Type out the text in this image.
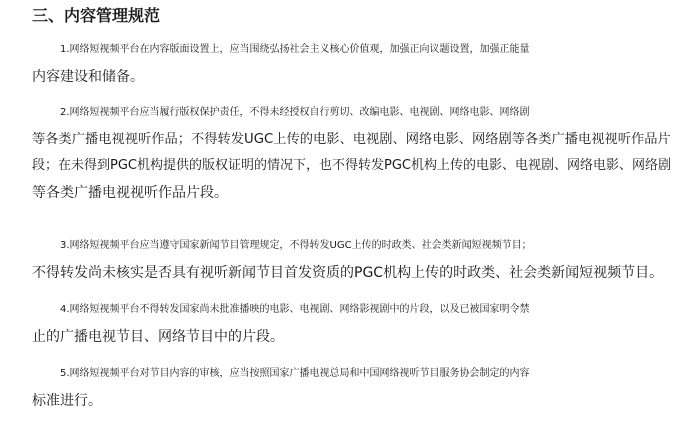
三、内容管理规范
1.网络短视频平台在内容版面设置上，应当围绕弘扬社会主义核心价值观，加强正向议题设置，加强正能量
内容建设和储备。
2.网络短视频平台应当履行版权保护责任，不得未经授权自行剪切、改编电影、电视剧、网络电影、网络剧
等各类广播电视视听作品；不得转发UGC上传的电影、电视剧、网络电影、网络剧等各类广播电视视听作品片
段；在未得到PGC机构提供的版权证明的情况下，也不得转发PGC机构上传的电影、电视剧、网络电影、网络剧
等各类广播电视视听作品片段。
3.网络短视频平台应当遵守国家新闻节目管理规定，不得转发UGC上传的时政类、社会类新闻短视频节目；
不得转发尚未核实是否具有视听新闻节目首发资质的PGC机构上传的时政类、社会类新闻短视频节目。
4.网络短视频平台不得转发国家尚未批准播映的电影、电视剧、网络影视剧中的片段，以及已被国家明令禁
止的广播电视节目、网络节目中的片段。
5.网络短视频平台对节目内容的审核，应当按照国家广播电视总局和中国网络视听节目服务协会制定的内容
标准进行。
